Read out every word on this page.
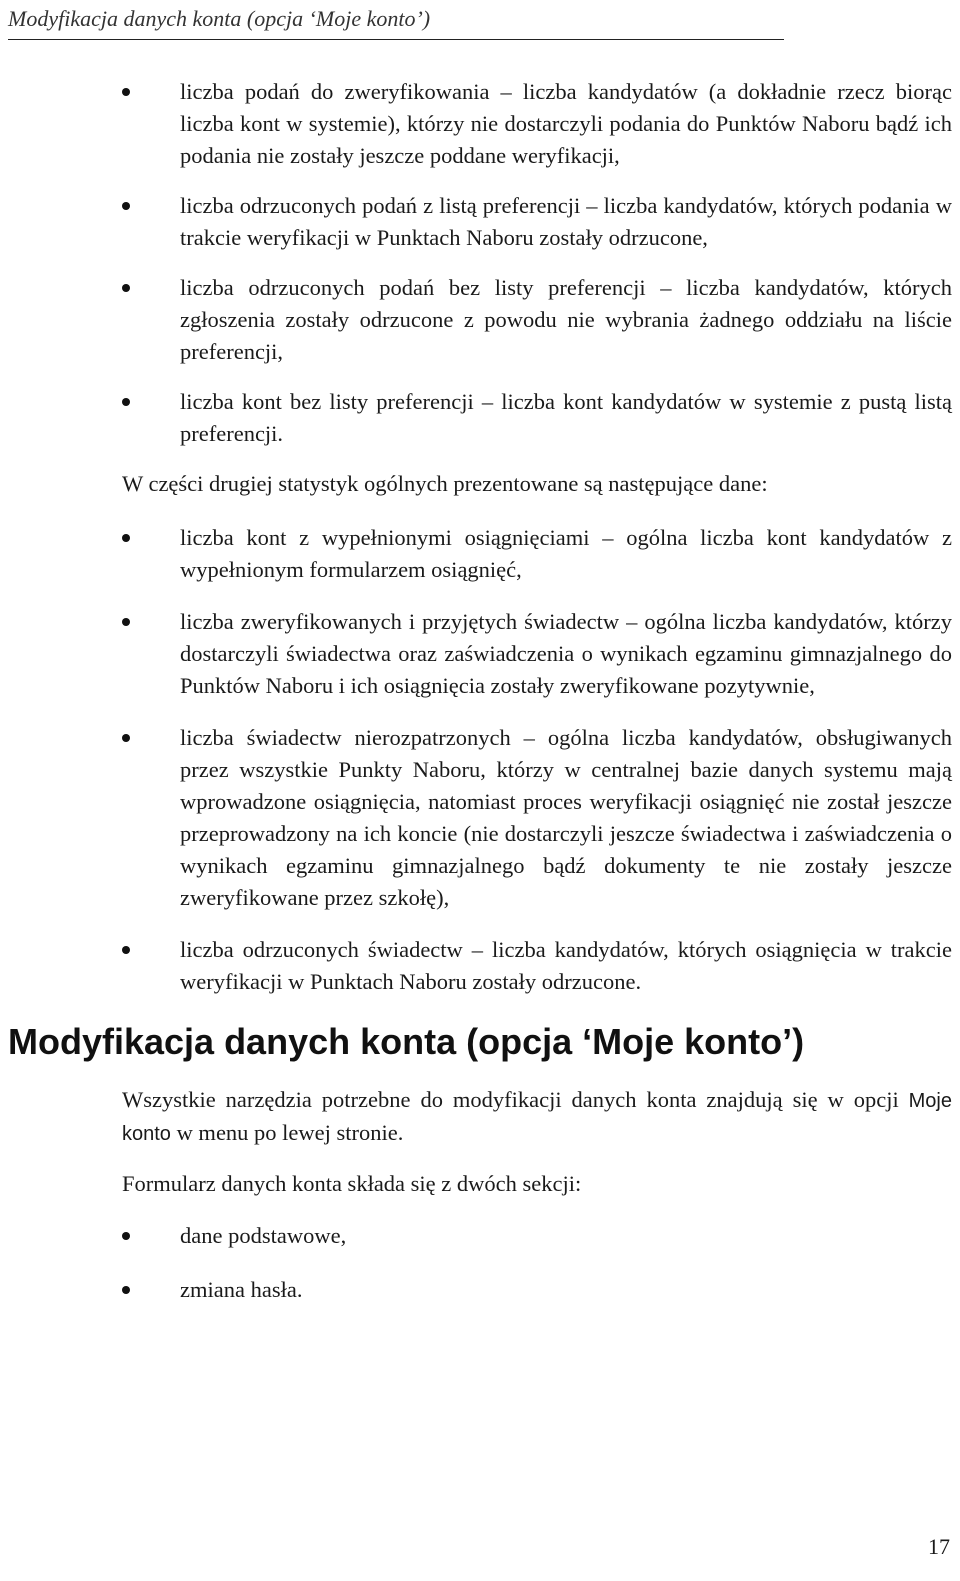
Modyfikacja danych konta (opcja ‘Moje konto’)
liczba podań do zweryfikowania – liczba kandydatów (a dokładnie rzecz biorąc liczba kont w systemie), którzy nie dostarczyli podania do Punktów Naboru bądź ich podania nie zostały jeszcze poddane weryfikacji,
liczba odrzuconych podań z listą preferencji – liczba kandydatów, których podania w trakcie weryfikacji w Punktach Naboru zostały odrzucone,
liczba odrzuconych podań bez listy preferencji – liczba kandydatów, których zgłoszenia zostały odrzucone z powodu nie wybrania żadnego oddziału na liście preferencji,
liczba kont bez listy preferencji – liczba kont kandydatów w systemie z pustą listą preferencji.

W części drugiej statystyk ogólnych prezentowane są następujące dane:

liczba kont z wypełnionymi osiągnięciami – ogólna liczba kont kandydatów z wypełnionym formularzem osiągnięć,
liczba zweryfikowanych i przyjętych świadectw – ogólna liczba kandydatów, którzy dostarczyli świadectwa oraz zaświadczenia o wynikach egzaminu gimnazjalnego do Punktów Naboru i ich osiągnięcia zostały zweryfikowane pozytywnie,
liczba świadectw nierozpatrzonych – ogólna liczba kandydatów, obsługiwanych przez wszystkie Punkty Naboru, którzy w centralnej bazie danych systemu mają wprowadzone osiągnięcia, natomiast proces weryfikacji osiągnięć nie został jeszcze przeprowadzony na ich koncie (nie dostarczyli jeszcze świadectwa i zaświadczenia o wynikach egzaminu gimnazjalnego bądź dokumenty te nie zostały jeszcze zweryfikowane przez szkołę),
liczba odrzuconych świadectw – liczba kandydatów, których osiągnięcia w trakcie weryfikacji w Punktach Naboru zostały odrzucone.
Modyfikacja danych konta (opcja ‘Moje konto’)

Wszystkie narzędzia potrzebne do modyfikacji danych konta znajdują się w opcji Moje konto w menu po lewej stronie.

Formularz danych konta składa się z dwóch sekcji:

dane podstawowe,
zmiana hasła.
17
